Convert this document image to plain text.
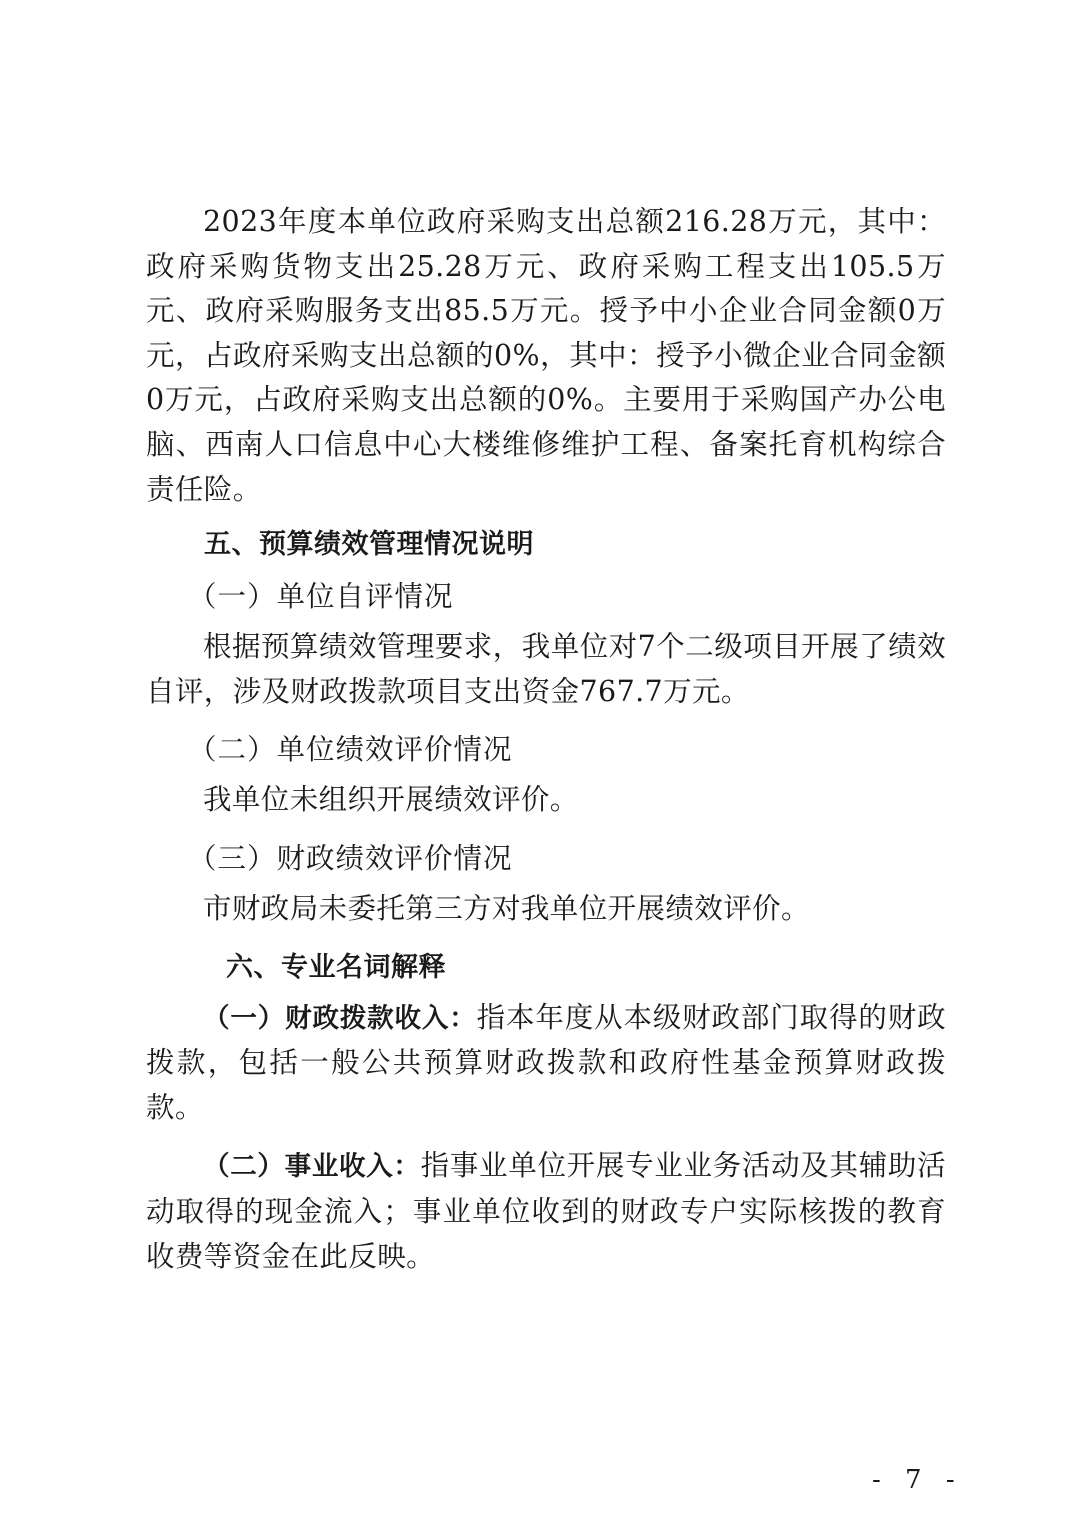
2023年度本单位政府采购支出总额216.28万元，其中：政府采购货物支出25.28万元、政府采购工程支出105.5万元、政府采购服务支出85.5万元。授予中小企业合同金额0万元，占政府采购支出总额的0%，其中：授予小微企业合同金额0万元，占政府采购支出总额的0%。主要用于采购国产办公电脑、西南人口信息中心大楼维修维护工程、备案托育机构综合责任险。

五、预算绩效管理情况说明

（一）单位自评情况

根据预算绩效管理要求，我单位对7个二级项目开展了绩效自评，涉及财政拨款项目支出资金767.7万元。

（二）单位绩效评价情况

我单位未组织开展绩效评价。

（三）财政绩效评价情况

市财政局未委托第三方对我单位开展绩效评价。

六、专业名词解释

（一）财政拨款收入：指本年度从本级财政部门取得的财政拨款，包括一般公共预算财政拨款和政府性基金预算财政拨款。

（二）事业收入：指事业单位开展专业业务活动及其辅助活动取得的现金流入；事业单位收到的财政专户实际核拨的教育收费等资金在此反映。

- 7 -
